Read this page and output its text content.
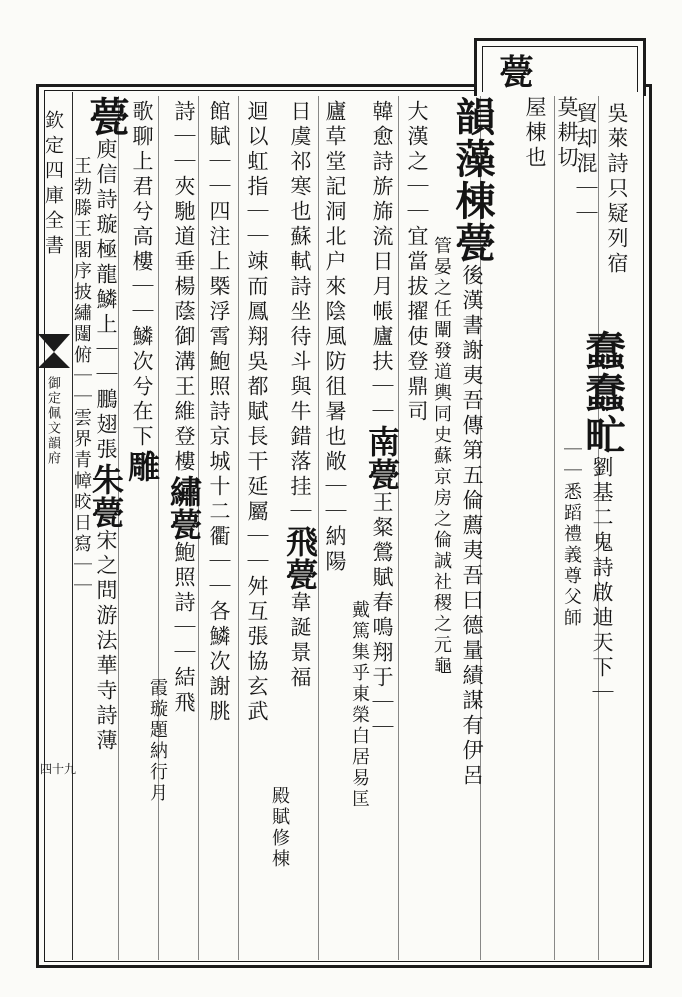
甍
欽定四庫全書
御定佩文韻府
四十九
莫耕切
屋棟也	吳萊詩只疑列宿
貿却混｜｜
蠢蠢甿劉基二鬼詩啟迪天下｜
｜｜悉蹈禮義尊父師
韻藻棟甍後漢書謝夷吾傳第五倫薦夷吾曰德量績謀有伊呂
管晏之任闡發道輿同史蘇京房之倫誠社稷之元龜
大漢之｜｜宜當拔擢使登鼎司
韓愈詩旂旆流日月帳廬扶｜｜南甍王粲鶯賦春鳴翔于｜｜
戴篤集乎東榮白居易匡
廬草堂記洞北户來陰風防徂暑也敞｜｜納陽
日虞祁寒也蘇軾詩坐待斗與牛錯落挂｜飛甍韋誕景福
殿賦修棟
迴以虹指｜｜竦而鳳翔吳都賦長干延屬｜｜舛互張協玄武
館賦｜｜四注上槩浮霄鮑照詩京城十二衢｜｜各鱗次謝朓
詩｜｜夾馳道垂楊蔭御溝王維登樓繡甍鮑照詩｜｜結飛
霞璇題納行月
歌聊上君兮高樓｜｜鱗次兮在下雕
甍庾信詩璇極龍鱗上｜｜鵬翅張朱甍宋之問游法華寺詩薄
王勃滕王閣序披繡闥俯｜｜雲界青幛晈日寫｜｜
